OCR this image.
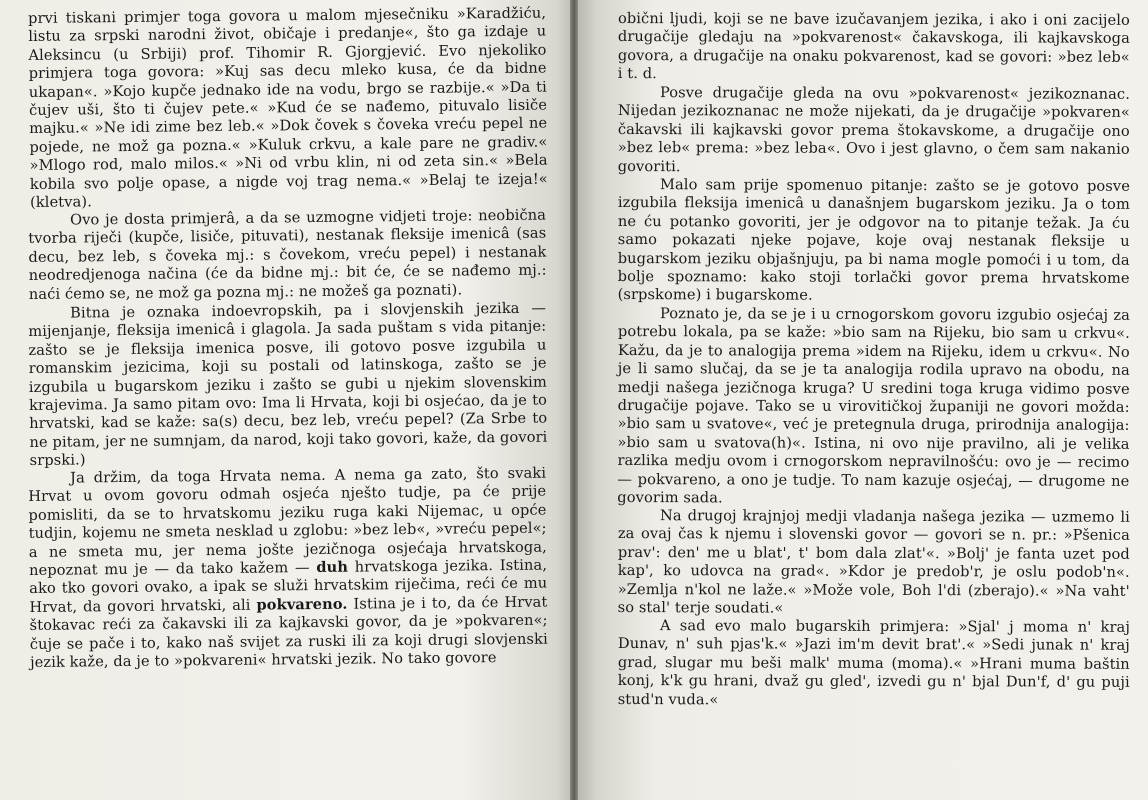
prvi tiskani primjer toga govora u malom mjesečniku »Karadžiću, listu za srpski narodni život, običaje i predanje«, što ga izdaje u Aleksincu (u Srbiji) prof. Tihomir R. Gjorgjević. Evo njekoliko primjera toga govora: »Kuj sas decu mleko kusa, će da bidne ukapan«. »Kojo kupče jednako ide na vodu, brgo se razbije.« »Da ti čujev uši, što ti čujev pete.« »Kud će se nađemo, pituvalo lisiče majku.« »Ne idi zime bez leb.« »Dok čovek s čoveka vreću pepel ne pojede, ne mož ga pozna.« »Kuluk crkvu, a kale pare ne gradiv.« »Mlogo rod, malo milos.« »Ni od vrbu klin, ni od zeta sin.« »Bela kobila svo polje opase, a nigde voj trag nema.« »Belaj te izeja!« (kletva).

Ovo je dosta primjerâ, a da se uzmogne vidjeti troje: neobična tvorba riječi (kupče, lisiče, pituvati), nestanak fleksije imenicâ (sas decu, bez leb, s čoveka mj.: s čovekom, vreću pepel) i nestanak neodredjenoga načina (će da bidne mj.: bit će, će se nađemo mj.: naći ćemo se, ne mož ga pozna mj.: ne možeš ga poznati).

Bitna je oznaka indoevropskih, pa i slovjenskih jezika — mijenjanje, fleksija imenicâ i glagola. Ja sada puštam s vida pitanje: zašto se je fleksija imenica posve, ili gotovo posve izgubila u romanskim jezicima, koji su postali od latinskoga, zašto se je izgubila u bugarskom jeziku i zašto se gubi u njekim slovenskim krajevima. Ja samo pitam ovo: Ima li Hrvata, koji bi osjećao, da je to hrvatski, kad se kaže: sa(s) decu, bez leb, vreću pepel? (Za Srbe to ne pitam, jer ne sumnjam, da narod, koji tako govori, kaže, da govori srpski.)

Ja držim, da toga Hrvata nema. A nema ga zato, što svaki Hrvat u ovom govoru odmah osjeća nješto tudje, pa će prije pomisliti, da se to hrvatskomu jeziku ruga kaki Nijemac, u opće tudjin, kojemu ne smeta nesklad u zglobu: »bez leb«, »vreću pepel«; a ne smeta mu, jer nema jošte jezičnoga osjećaja hrvatskoga, nepoznat mu je — da tako kažem — duh hrvatskoga jezika. Istina, ako tko govori ovako, a ipak se služi hrvatskim riječima, reći će mu Hrvat, da govori hrvatski, ali pokvareno. Istina je i to, da će Hrvat štokavac reći za čakavski ili za kajkavski govor, da je »pokvaren«; čuje se pače i to, kako naš svijet za ruski ili za koji drugi slovjenski jezik kaže, da je to »pokvareni« hrvatski jezik. No tako govore

obični ljudi, koji se ne bave izučavanjem jezika, i ako i oni zacijelo drugačije gledaju na »pokvarenost« čakavskoga, ili kajkavskoga govora, a drugačije na onaku pokvarenost, kad se govori: »bez leb« i t. d.

Posve drugačije gleda na ovu »pokvarenost« jezikoznanac. Nijedan jezikoznanac ne može nijekati, da je drugačije »pokvaren« čakavski ili kajkavski govor prema štokavskome, a drugačije ono »bez leb« prema: »bez leba«. Ovo i jest glavno, o čem sam nakanio govoriti.

Malo sam prije spomenuo pitanje: zašto se je gotovo posve izgubila fleksija imenicâ u današnjem bugarskom jeziku. Ja o tom ne ću potanko govoriti, jer je odgovor na to pitanje težak. Ja ću samo pokazati njeke pojave, koje ovaj nestanak fleksije u bugarskom jeziku objašnjuju, pa bi nama mogle pomoći i u tom, da bolje spoznamo: kako stoji torlački govor prema hrvatskome (srpskome) i bugarskome.

Poznato je, da se je i u crnogorskom govoru izgubio osjećaj za potrebu lokala, pa se kaže: »bio sam na Rijeku, bio sam u crkvu«. Kažu, da je to analogija prema »idem na Rijeku, idem u crkvu«. No je li samo slučaj, da se je ta analogija rodila upravo na obodu, na medji našega jezičnoga kruga? U sredini toga kruga vidimo posve drugačije pojave. Tako se u virovitičkoj županiji ne govori možda: »bio sam u svatove«, već je pretegnula druga, prirodnija analogija: »bio sam u svatova(h)«. Istina, ni ovo nije pravilno, ali je velika razlika medju ovom i crnogorskom nepravilnošću: ovo je — recimo — pokvareno, a ono je tudje. To nam kazuje osjećaj, — drugome ne govorim sada.

Na drugoj krajnjoj medji vladanja našega jezika — uzmemo li za ovaj čas k njemu i slovenski govor — govori se n. pr.: »Pšenica prav': den' me u blat', t' bom dala zlat'«. »Bolj' je fanta uzet pod kap', ko udovca na grad«. »Kdor je predob'r, je oslu podob'n«. »Zemlja n'kol ne laže.« »Može vole, Boh l'di (zberajo).« »Na vaht' so stal' terje soudati.«

A sad evo malo bugarskih primjera: »Sjal' j moma n' kraj Dunav, n' suh pjas'k.« »Jazi im'm devit brat'.« »Sedi junak n' kraj grad, slugar mu beši malk' muma (moma).« »Hrani muma baštin konj, k'k gu hrani, dvaž gu gled', izvedi gu n' bjal Dun'f, d' gu puji stud'n vuda.«
